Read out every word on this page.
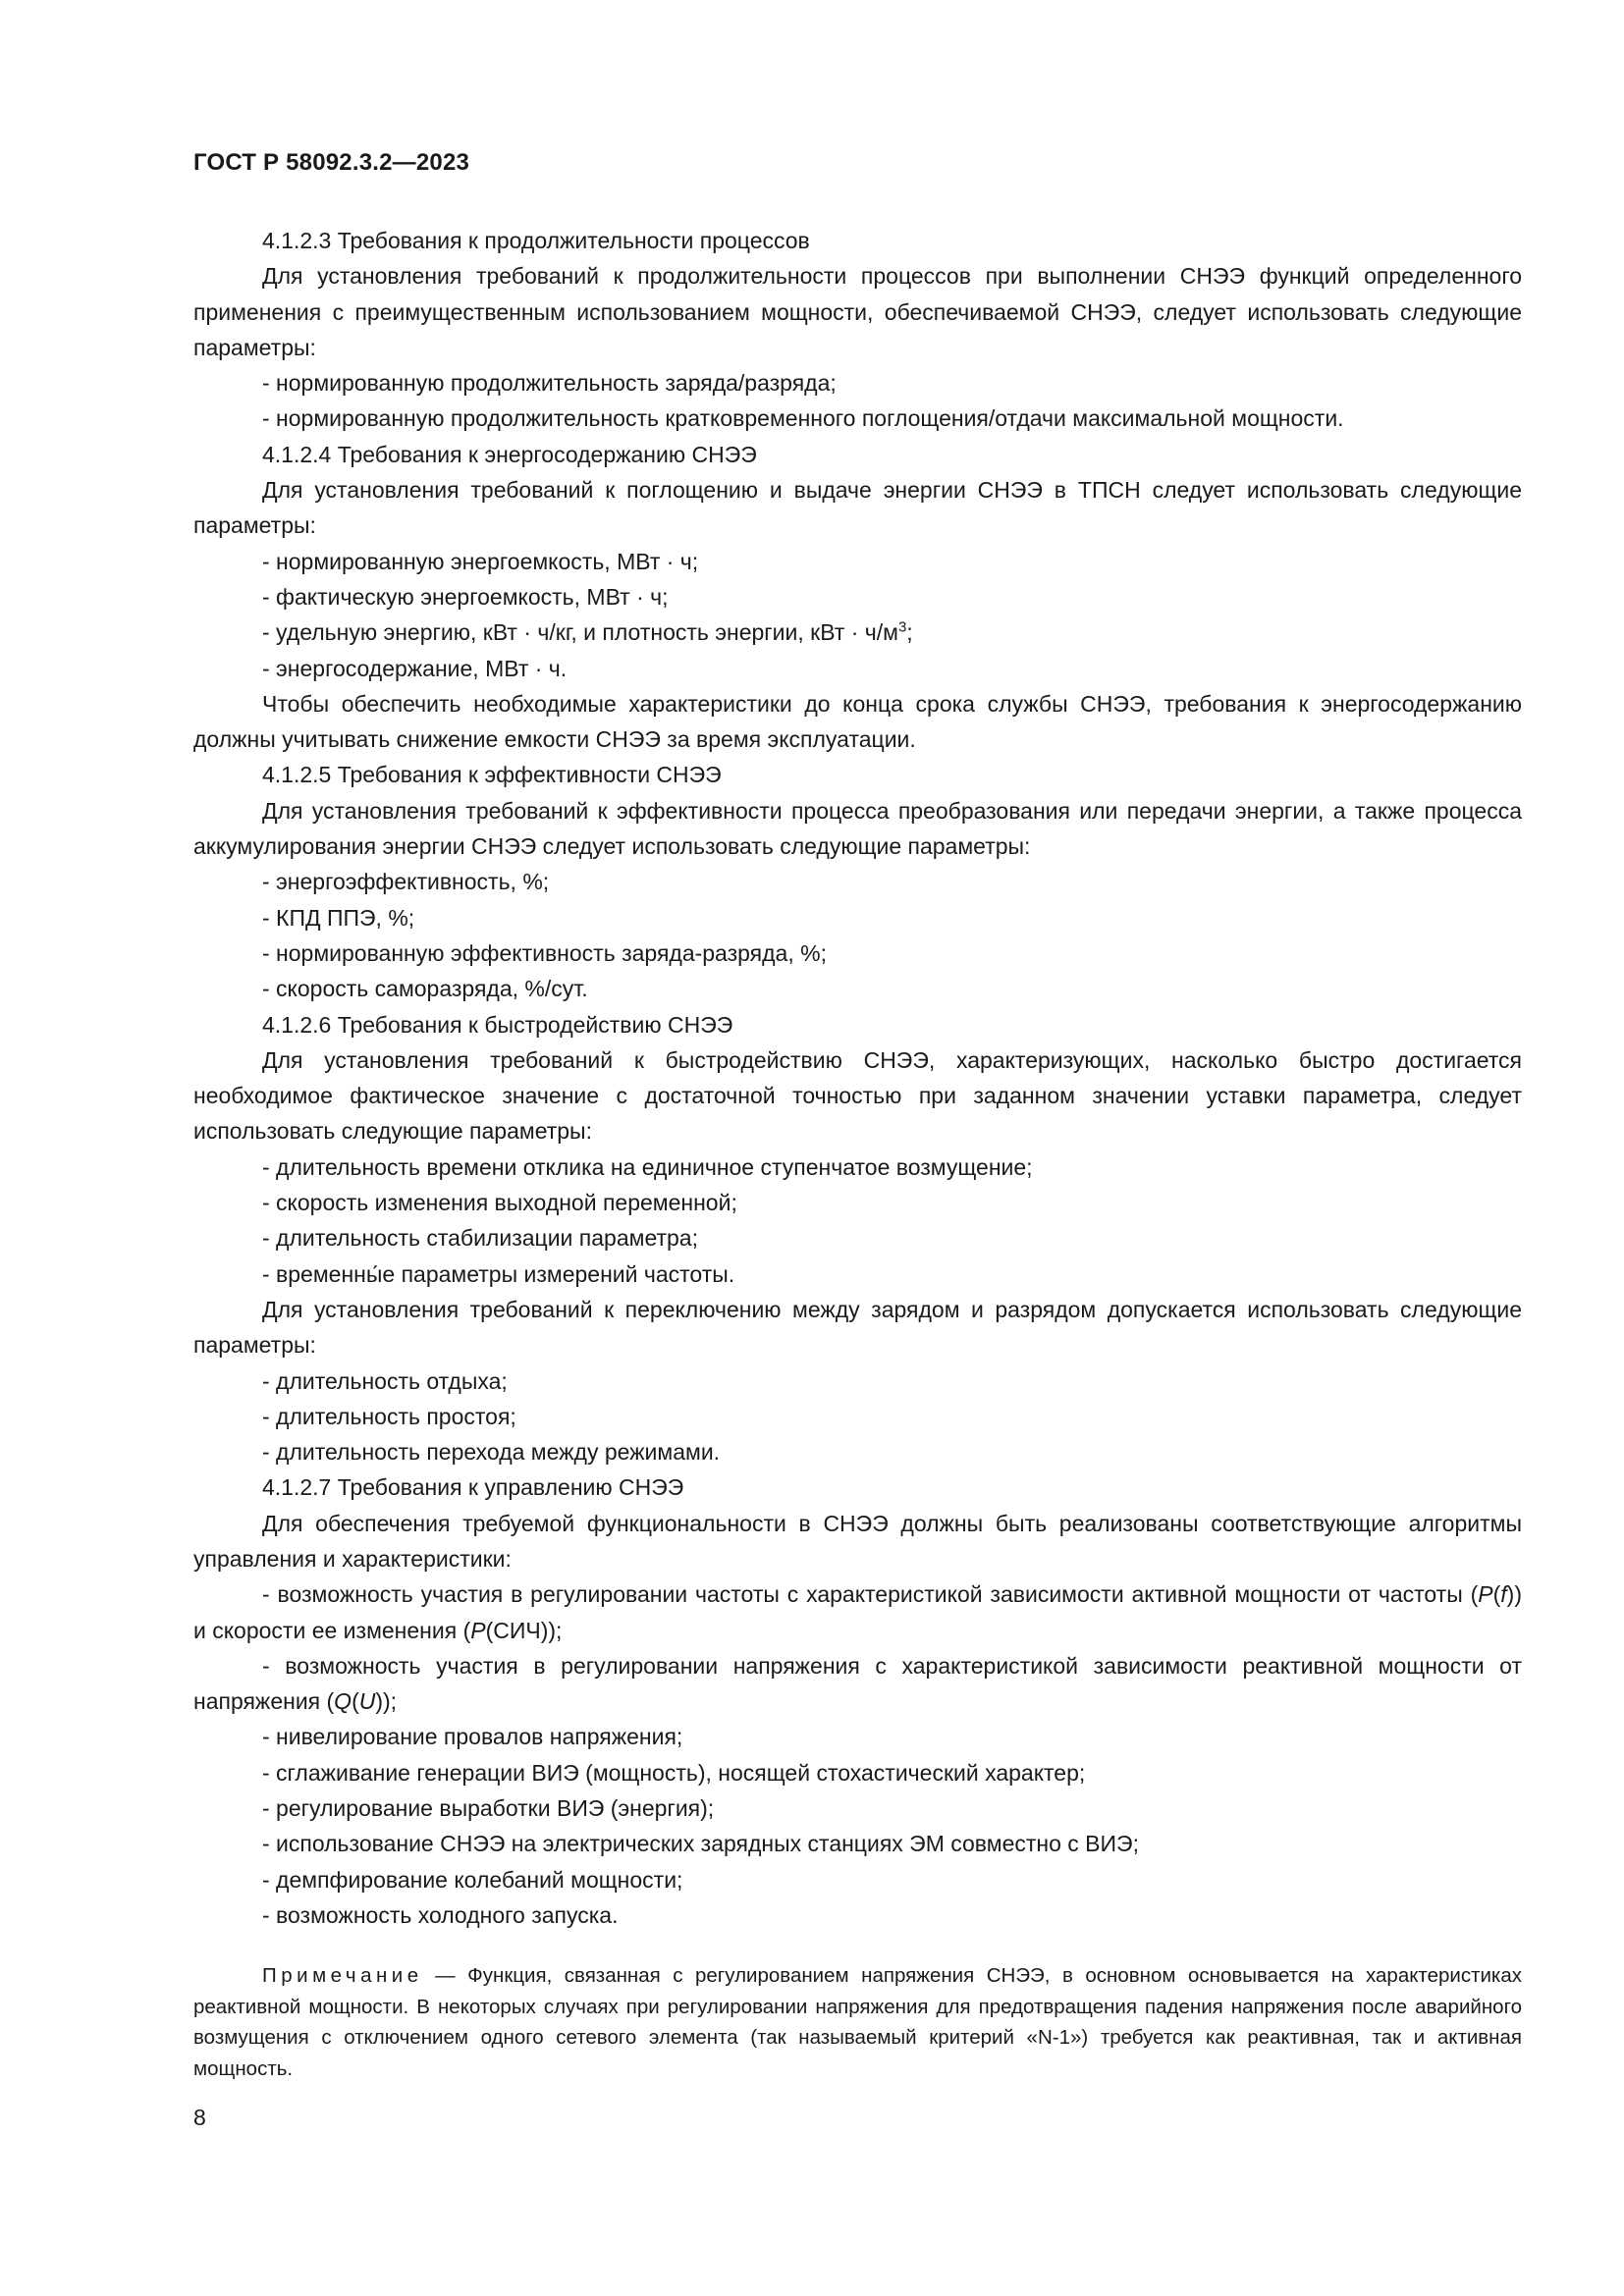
ГОСТ Р 58092.3.2—2023

4.1.2.3 Требования к продолжительности процессов

Для установления требований к продолжительности процессов при выполнении СНЭЭ функций определенного применения с преимущественным использованием мощности, обеспечиваемой СНЭЭ, следует использовать следующие параметры:

- нормированную продолжительность заряда/разряда;

- нормированную продолжительность кратковременного поглощения/отдачи максимальной мощности.

4.1.2.4 Требования к энергосодержанию СНЭЭ

Для установления требований к поглощению и выдаче энергии СНЭЭ в ТПСН следует использовать следующие параметры:

- нормированную энергоемкость, МВт · ч;

- фактическую энергоемкость, МВт · ч;

- удельную энергию, кВт · ч/кг, и плотность энергии, кВт · $ч/м^3$;

- энергосодержание, МВт · ч.

Чтобы обеспечить необходимые характеристики до конца срока службы СНЭЭ, требования к энергосодержанию должны учитывать снижение емкости СНЭЭ за время эксплуатации.

4.1.2.5 Требования к эффективности СНЭЭ

Для установления требований к эффективности процесса преобразования или передачи энергии, а также процесса аккумулирования энергии СНЭЭ следует использовать следующие параметры:

- энергоэффективность, %;

- КПД ППЭ, %;

- нормированную эффективность заряда-разряда, %;

- скорость саморазряда, %/сут.

4.1.2.6 Требования к быстродействию СНЭЭ

Для установления требований к быстродействию СНЭЭ, характеризующих, насколько быстро достигается необходимое фактическое значение с достаточной точностью при заданном значении уставки параметра, следует использовать следующие параметры:

- длительность времени отклика на единичное ступенчатое возмущение;

- скорость изменения выходной переменной;

- длительность стабилизации параметра;

- временны́е параметры измерений частоты.

Для установления требований к переключению между зарядом и разрядом допускается использовать следующие параметры:

- длительность отдыха;

- длительность простоя;

- длительность перехода между режимами.

4.1.2.7 Требования к управлению СНЭЭ

Для обеспечения требуемой функциональности в СНЭЭ должны быть реализованы соответствующие алгоритмы управления и характеристики:

- возможность участия в регулировании частоты с характеристикой зависимости активной мощности от частоты (P(f)) и скорости ее изменения (P(СИЧ));

- возможность участия в регулировании напряжения с характеристикой зависимости реактивной мощности от напряжения (Q(U));

- нивелирование провалов напряжения;

- сглаживание генерации ВИЭ (мощность), носящей стохастический характер;

- регулирование выработки ВИЭ (энергия);

- использование СНЭЭ на электрических зарядных станциях ЭМ совместно с ВИЭ;

- демпфирование колебаний мощности;

- возможность холодного запуска.

Примечание — Функция, связанная с регулированием напряжения СНЭЭ, в основном основывается на характеристиках реактивной мощности. В некоторых случаях при регулировании напряжения для предотвращения падения напряжения после аварийного возмущения с отключением одного сетевого элемента (так называемый критерий «N-1») требуется как реактивная, так и активная мощность.
8
